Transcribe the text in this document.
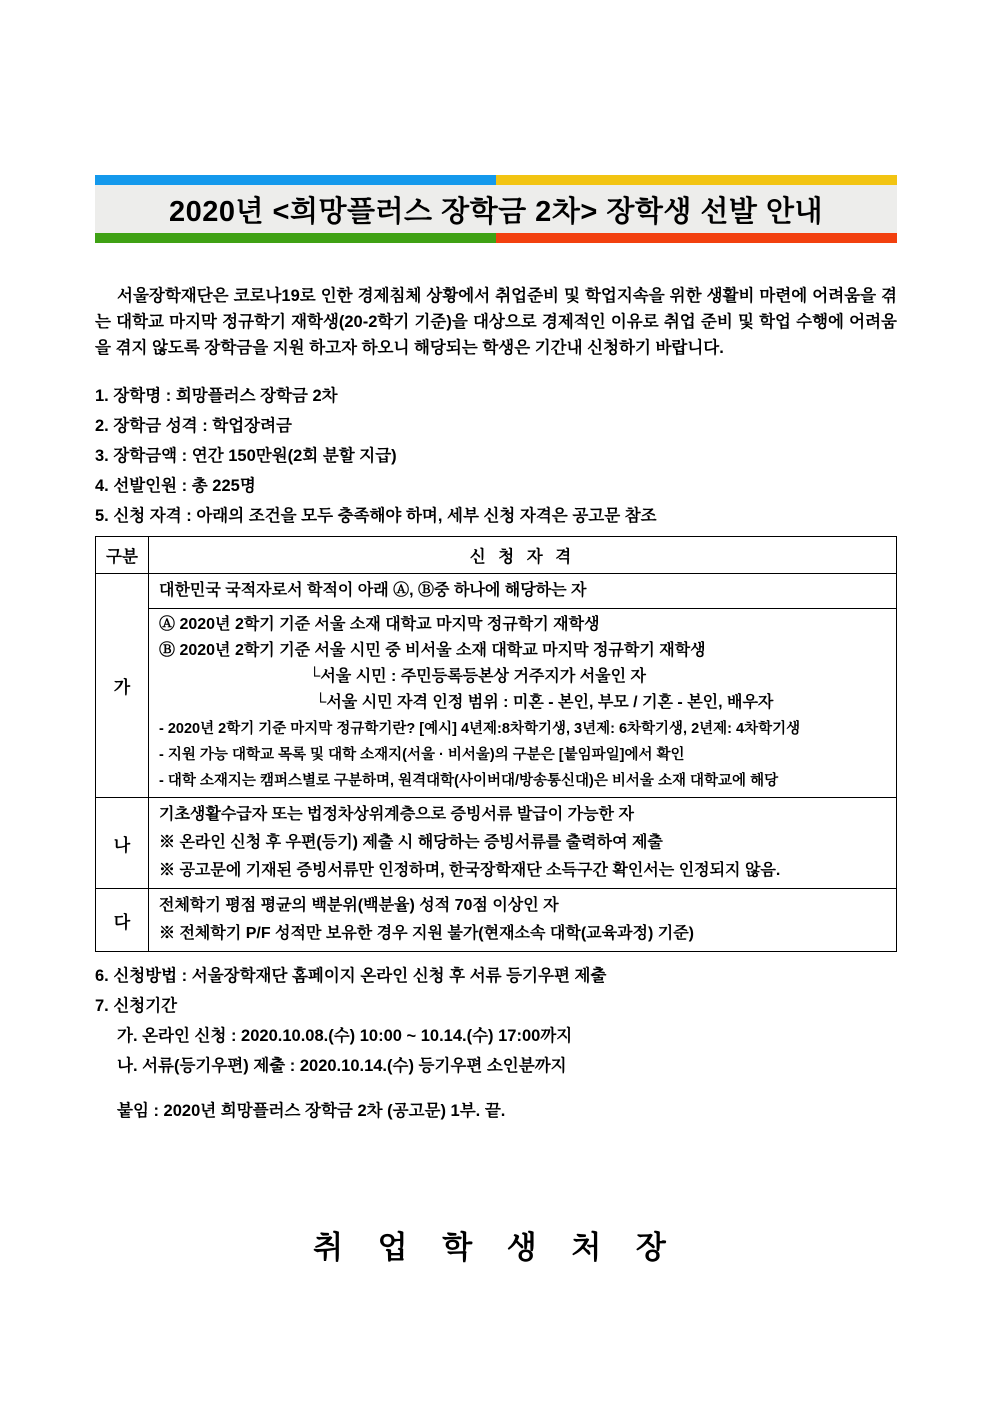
2020년 <희망플러스 장학금 2차> 장학생 선발 안내

서울장학재단은 코로나19로 인한 경제침체 상황에서 취업준비 및 학업지속을 위한 생활비 마련에 어려움을 겪는 대학교 마지막 정규학기 재학생(20-2학기 기준)을 대상으로 경제적인 이유로 취업 준비 및 학업 수행에 어려움을 겪지 않도록 장학금을 지원 하고자 하오니 해당되는 학생은 기간내 신청하기 바랍니다.

1. 장학명 : 희망플러스 장학금 2차
2. 장학금 성격 : 학업장려금
3. 장학금액 : 연간 150만원(2회 분할 지급)
4. 선발인원 : 총 225명
5. 신청 자격 : 아래의 조건을 모두 충족해야 하며, 세부 신청 자격은 공고문 참조
구분	신 청 자 격
가	대한민국 국적자로서 학적이 아래 Ⓐ, Ⓑ중 하나에 해당하는 자

Ⓐ 2020년 2학기 기준 서울 소재 대학교 마지막 정규학기 재학생
Ⓑ 2020년 2학기 기준 서울 시민 중 비서울 소재 대학교 마지막 정규학기 재학생
└서울 시민 : 주민등록등본상 거주지가 서울인 자
└서울 시민 자격 인정 범위 : 미혼 - 본인, 부모 / 기혼 - 본인, 배우자
- 2020년 2학기 기준 마지막 정규학기란? [예시] 4년제:8차학기생, 3년제: 6차학기생, 2년제: 4차학기생
- 지원 가능 대학교 목록 및 대학 소재지(서울 · 비서울)의 구분은 [붙임파일]에서 확인
- 대학 소재지는 캠퍼스별로 구분하며, 원격대학(사이버대/방송통신대)은 비서울 소재 대학교에 해당

나	기초생활수급자 또는 법정차상위계층으로 증빙서류 발급이 가능한 자
※ 온라인 신청 후 우편(등기) 제출 시 해당하는 증빙서류를 출력하여 제출
※ 공고문에 기재된 증빙서류만 인정하며, 한국장학재단 소득구간 확인서는 인정되지 않음.

다	전체학기 평점 평균의 백분위(백분율) 성적 70점 이상인 자
※ 전체학기 P/F 성적만 보유한 경우 지원 불가(현재소속 대학(교육과정) 기준)
6. 신청방법 : 서울장학재단 홈페이지 온라인 신청 후 서류 등기우편 제출
7. 신청기간
가. 온라인 신청 : 2020.10.08.(수) 10:00 ~ 10.14.(수) 17:00까지
나. 서류(등기우편) 제출 : 2020.10.14.(수) 등기우편 소인분까지
붙임 : 2020년 희망플러스 장학금 2차 (공고문) 1부. 끝.
취 업 학 생 처 장
